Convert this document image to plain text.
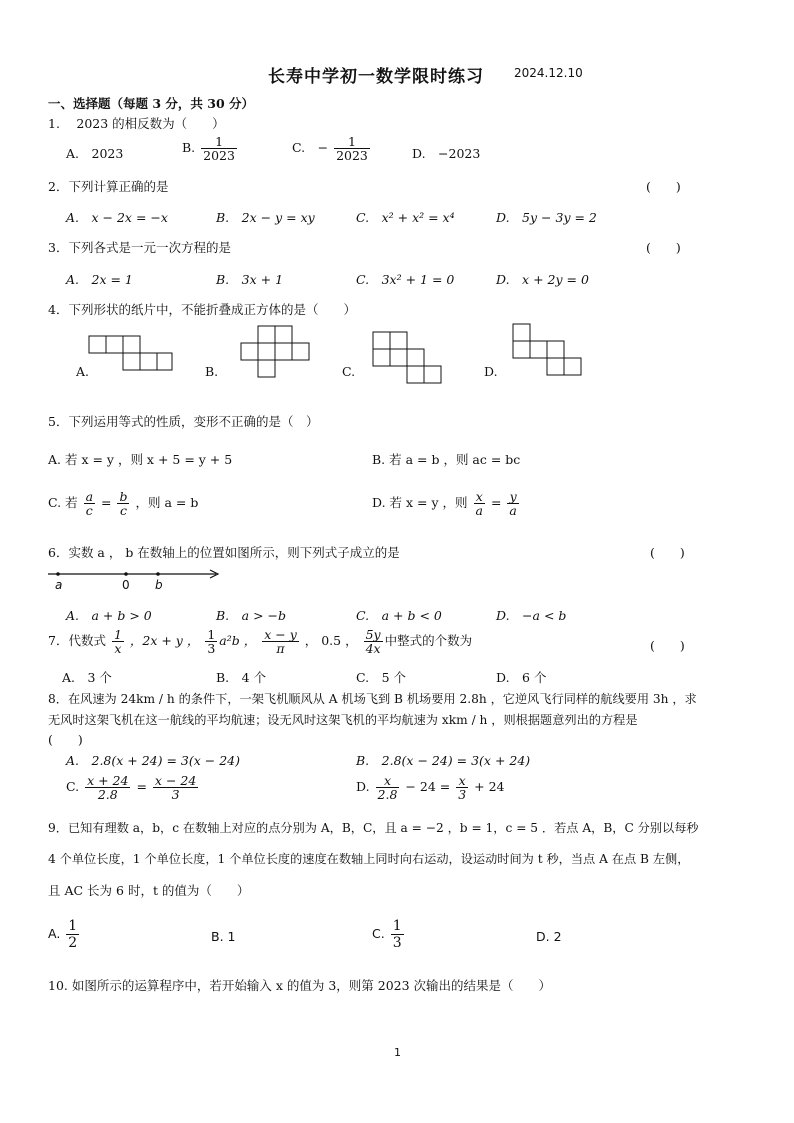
长寿中学初一数学限时练习	2024.12.10
一、选择题（每题 3 分，共 30 分）
1.　 2023 的相反数为（　　）
A.　2023	B. $\frac{1}{2023}$	C.　− $\frac{1}{2023}$	D.　−2023
2．下列计算正确的是	(　　)
A.　x − 2x = −x	B.　2x − y = xy	C.　x² + x² = x⁴	D.　5y − 3y = 2
3．下列各式是一元一次方程的是	(　　)
A.　2x = 1	B.　3x + 1	C.　3x² + 1 = 0	D.　x + 2y = 0
4．下列形状的纸片中，不能折叠成正方体的是（　　）
A.	B.	C.	D.
5．下列运用等式的性质，变形不正确的是（　）
A. 若 x = y ，则 x + 5 = y + 5	B. 若 a = b ，则 ac = bc
C. 若 $\frac{a}{c} = \frac{b}{c}$ ，则 a = b	D. 若 x = y ，则 $\frac{x}{a} = \frac{y}{a}$
6．实数 a ， b 在数轴上的位置如图所示，则下列式子成立的是	(　　)
a	0 b
A.　a + b > 0	B.　a > −b	C.　a + b < 0	D.　−a < b
7．代数式 $\frac{1}{x}$ ，2x + y ， $\frac{1}{3} a^2b$ ， $\frac{x - y}{\pi}$ ， 0.5 ， $\frac{5y}{4x}$ 中整式的个数为	(　　)
A.　3 个	B.　4 个	C.　5 个	D.　6 个
8．在风速为 24km / h 的条件下，一架飞机顺风从 A 机场飞到 B 机场要用 2.8h ，它逆风飞行同样的航线要用 3h ，求
无风时这架飞机在这一航线的平均航速；设无风时这架飞机的平均航速为 xkm / h ，则根据题意列出的方程是
(　　)
A.　2.8(x + 24) = 3(x − 24)	B.　2.8(x − 24) = 3(x + 24)
C. $\frac{x + 24}{2.8} = \frac{x - 24}{3}$	D. $\frac{x}{2.8} - 24 = \frac{x}{3} + 24$
9．已知有理数 a，b，c 在数轴上对应的点分别为 A，B，C，且 a = −2 ，b = 1，c = 5 ．若点 A，B，C 分别以每秒
4 个单位长度，1 个单位长度，1 个单位长度的速度在数轴上同时向右运动，设运动时间为 t 秒，当点 A 在点 B 左侧，
且 AC 长为 6 时，t 的值为（　　）
A. $\frac{1}{2}$	B. 1	C. $\frac{1}{3}$	D. 2
10. 如图所示的运算程序中，若开始输入 x 的值为 3，则第 2023 次输出的结果是（　　）
1
